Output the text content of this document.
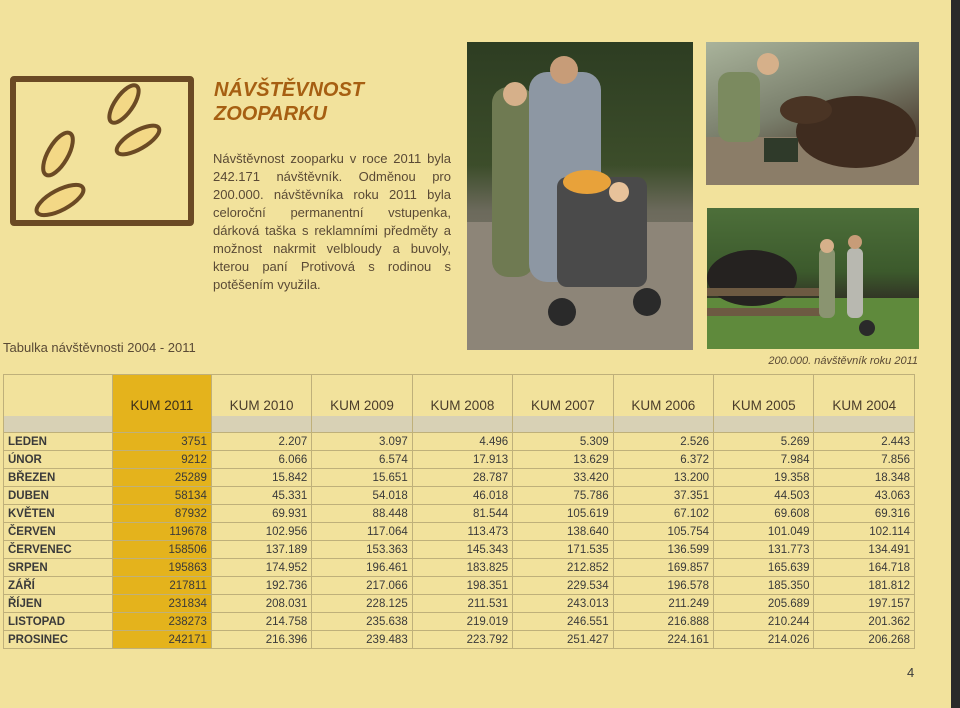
NÁVŠTĚVNOST ZOOPARKU

Návštěvnost zooparku v roce 2011 byla 242.171 návštěvník. Odměnou pro 200.000. návštěvníka roku 2011 byla celoroční permanentní vstupenka, dárková taška s reklamními předměty a možnost nakrmit velbloudy a buvoly, kterou paní Protivová s rodinou s potěšením využila.

200.000. návštěvník roku 2011
Tabulka návštěvnosti 2004 - 2011
	KUM 2011	KUM 2010	KUM 2009	KUM 2008	KUM 2007	KUM 2006	KUM 2005	KUM 2004

LEDEN	3751	2.207	3.097	4.496	5.309	2.526	5.269	2.443
ÚNOR	9212	6.066	6.574	17.913	13.629	6.372	7.984	7.856
BŘEZEN	25289	15.842	15.651	28.787	33.420	13.200	19.358	18.348
DUBEN	58134	45.331	54.018	46.018	75.786	37.351	44.503	43.063
KVĚTEN	87932	69.931	88.448	81.544	105.619	67.102	69.608	69.316
ČERVEN	119678	102.956	117.064	113.473	138.640	105.754	101.049	102.114
ČERVENEC	158506	137.189	153.363	145.343	171.535	136.599	131.773	134.491
SRPEN	195863	174.952	196.461	183.825	212.852	169.857	165.639	164.718
ZÁŘÍ	217811	192.736	217.066	198.351	229.534	196.578	185.350	181.812
ŘÍJEN	231834	208.031	228.125	211.531	243.013	211.249	205.689	197.157
LISTOPAD	238273	214.758	235.638	219.019	246.551	216.888	210.244	201.362
PROSINEC	242171	216.396	239.483	223.792	251.427	224.161	214.026	206.268
4
